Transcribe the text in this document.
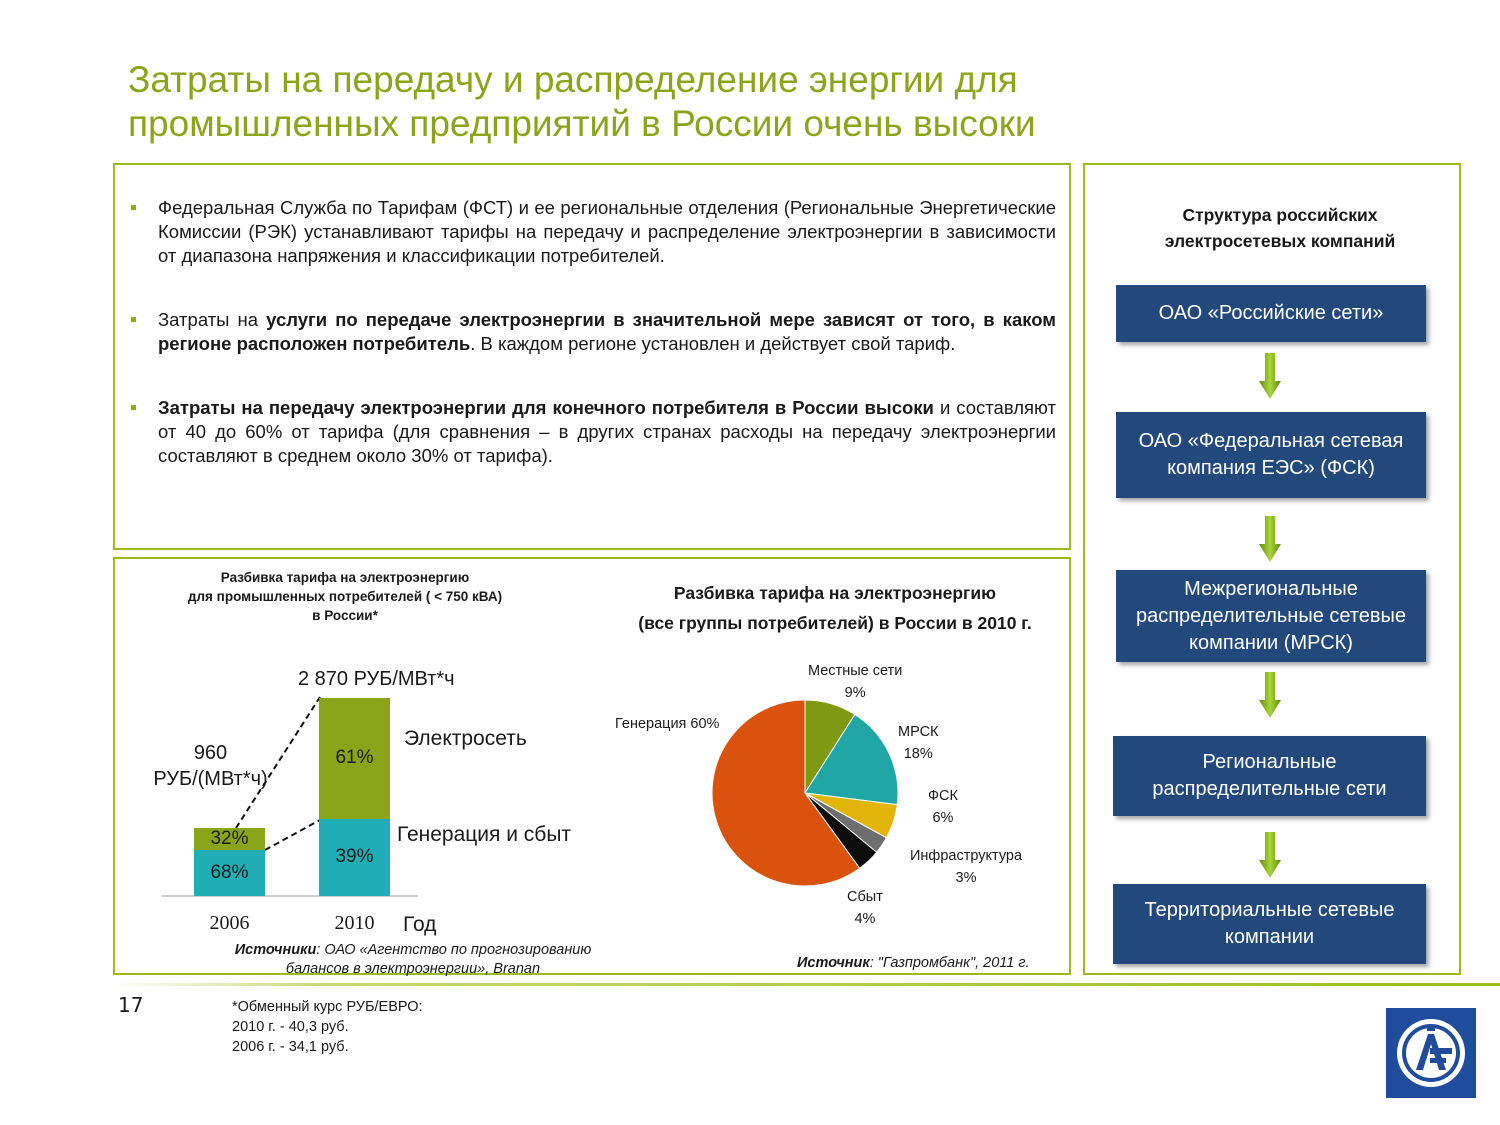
Затраты на передачу и распределение энергии для
промышленных предприятий в России очень высоки
Федеральная Служба по Тарифам (ФСТ) и ее региональные отделения (Региональные Энергетические Комиссии (РЭК) устанавливают тарифы на передачу и распределение электроэнергии в зависимости от диапазона напряжения и классификации потребителей.
Затраты на услуги по передаче электроэнергии в значительной мере зависят от того, в каком регионе расположен потребитель. В каждом регионе установлен и действует свой тариф.
Затраты на передачу электроэнергии для конечного потребителя в России высоки и составляют от 40 до 60% от тарифа (для сравнения – в других странах расходы на передачу электроэнергии составляют в среднем около 30% от тарифа).
Разбивка тарифа на электроэнергию
для промышленных потребителей ( < 750 кВА)
в России*
68%
32%
2006
39%
61%
2010
2 870 РУБ/МВт*ч
960
РУБ/(МВт*ч)
Электросеть
Генерация и сбыт
Год
Источники: ОАО «Агентство по прогнозированию
балансов в электроэнергии», Branan
Разбивка тарифа на электроэнергию
(все группы потребителей) в России в 2010 г.
Местные сети
9%
МРСК
18%
ФСК
6%
Инфраструктура
3%
Сбыт
4%
Генерация 60%
Источник: "Газпромбанк", 2011 г.
Структура российских
электросетевых компаний
ОАО «Российские сети»
ОАО «Федеральная сетевая компания ЕЭС» (ФСК)
Межрегиональные распределительные сетевые компании (МРСК)
Региональные распределительные сети
Территориальные сетевые компании
17	*Обменный курс РУБ/ЕВРО:
2010 г. - 40,3 руб.
2006 г. - 34,1 руб.
